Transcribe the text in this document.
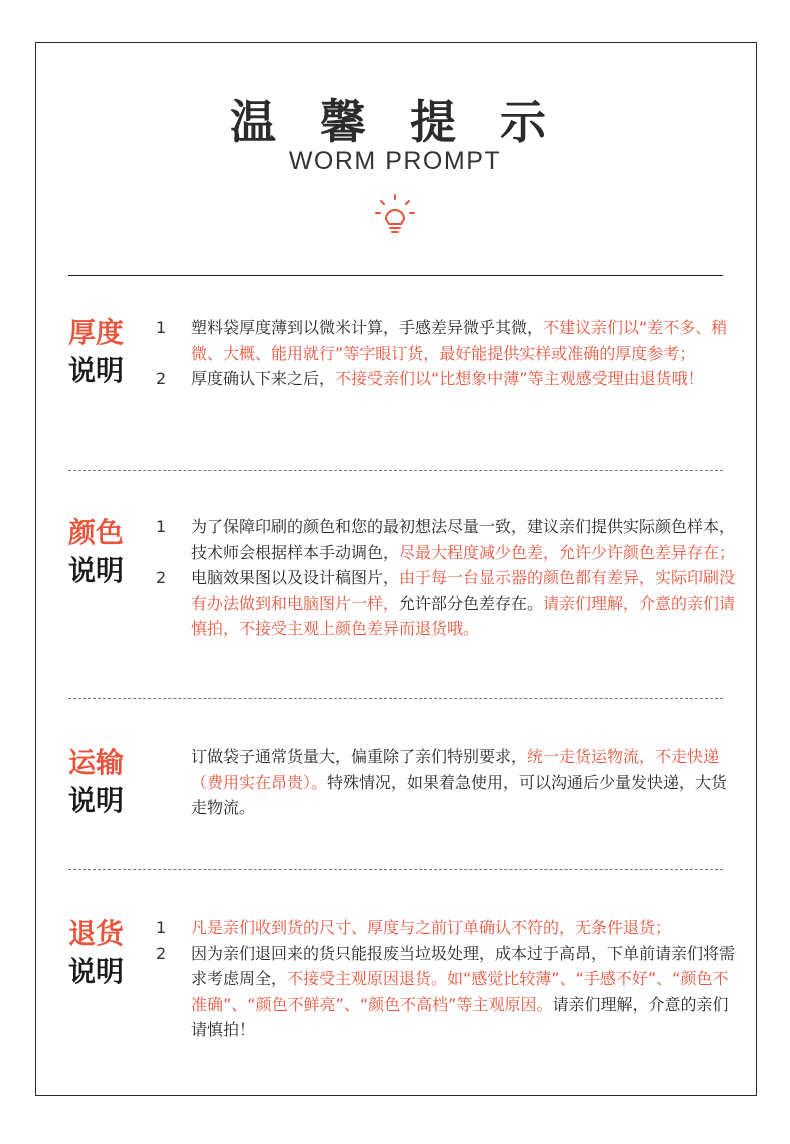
温 馨 提 示
WORM PROMPT
厚度
说明
1 塑料袋厚度薄到以微米计算，手感差异微乎其微，不建议亲们以“差不多、稍微、大概、能用就行”等字眼订货，最好能提供实样或准确的厚度参考；
2 厚度确认下来之后，不接受亲们以“比想象中薄”等主观感受理由退货哦！
颜色
说明
1 为了保障印刷的颜色和您的最初想法尽量一致，建议亲们提供实际颜色样本，技术师会根据样本手动调色，尽最大程度减少色差，允许少许颜色差异存在；
2 电脑效果图以及设计稿图片，由于每一台显示器的颜色都有差异，实际印刷没有办法做到和电脑图片一样，允许部分色差存在。请亲们理解，介意的亲们请慎拍，不接受主观上颜色差异而退货哦。
运输
说明
订做袋子通常货量大，偏重除了亲们特别要求，统一走货运物流，不走快递（费用实在昂贵）。特殊情况，如果着急使用，可以沟通后少量发快递，大货走物流。
退货
说明
1 凡是亲们收到货的尺寸、厚度与之前订单确认不符的，无条件退货；
2 因为亲们退回来的货只能报废当垃圾处理，成本过于高昂，下单前请亲们将需求考虑周全，不接受主观原因退货。如“感觉比较薄”、“手感不好”、“颜色不准确”、“颜色不鲜亮”、“颜色不高档”等主观原因。请亲们理解，介意的亲们请慎拍！
